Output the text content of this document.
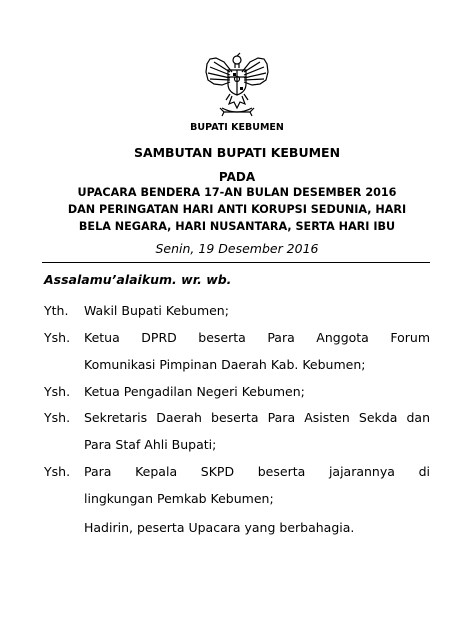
BUPATI KEBUMEN
SAMBUTAN BUPATI KEBUMEN
PADA
UPACARA BENDERA 17-AN BULAN DESEMBER 2016
DAN PERINGATAN HARI ANTI KORUPSI SEDUNIA, HARI
BELA NEGARA, HARI NUSANTARA, SERTA HARI IBU
Senin, 19 Desember 2016
Assalamu’alaikum. wr. wb.
Yth. Wakil Bupati Kebumen;
Ysh. Ketua DPRD beserta Para Anggota Forum
Komunikasi Pimpinan Daerah Kab. Kebumen;
Ysh. Ketua Pengadilan Negeri Kebumen;
Ysh. Sekretaris Daerah beserta Para Asisten Sekda dan
Para Staf Ahli Bupati;
Ysh. Para Kepala SKPD beserta jajarannya di
lingkungan Pemkab Kebumen;
Hadirin, peserta Upacara yang berbahagia.
